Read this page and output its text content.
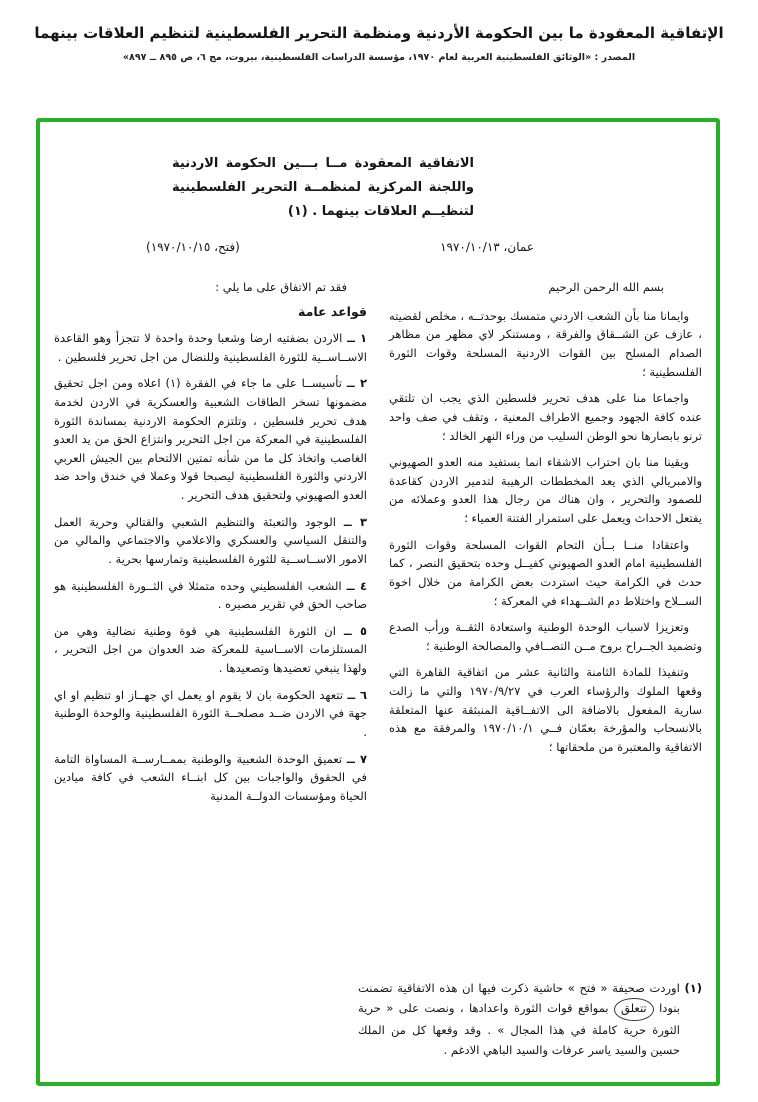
الإتفاقية المعقودة ما بين الحكومة الأردنية ومنظمة التحرير الفلسطينية لتنظيم العلاقات بينهما

المصدر : «الوثائق الفلسطينية العربية لعام ١٩٧٠، مؤسسة الدراسات الفلسطينية، بيروت، مج ٦، ص ٨٩٥ ــ ٨٩٧»

الاتفاقية المعقودة مــا بـــين الحكومة الاردنية واللجنة المركزية لمنظمــة التحرير الفلسطينية لتنظيــم العلاقات بينهما . (١)
عمان، ١٩٧٠/١٠/١٣
(فتح، ١٩٧٠/١٠/١٥)

بسم الله الرحمن الرحيم

وايمانا منا بأن الشعب الاردني متمسك بوحدتــه ، مخلص لقضيته ، عازف عن الشــقاق والفرقة ، ومستنكر لاي مظهر من مظاهر الصدام المسلح بين القوات الاردنية المسلحة وقوات الثورة الفلسطينية ؛

واجماعا منا على هدف تحرير فلسطين الذي يجب ان تلتقي عنده كافة الجهود وجميع الاطراف المعنية ، وتقف في صف واحد ترنو بابصارها نحو الوطن السليب من وراء النهر الخالد ؛

ويقينا منا بان احتراب الاشقاء انما يستفيد منه العدو الصهيوني والامبريالي الذي يعد المخططات الرهيبة لتدمير الاردن كقاعدة للصمود والتحرير ، وان هناك من رجال هذا العدو وعملائه من يفتعل الاحداث ويعمل على استمرار الفتنة العمياء ؛

واعتقادا منــا بــأن التحام القوات المسلحة وقوات الثورة الفلسطينية امام العدو الصهيوني كفيــل وحده بتحقيق النصر ، كما حدث في الكرامة حيث استردت بعض الكرامة من خلال اخوة الســلاح واختلاط دم الشــهداء في المعركة ؛

وتعزيزا لاسباب الوحدة الوطنية واستعادة الثقــة ورأب الصدع وتضميد الجــراح بروح مــن التصــافي والمصالحة الوطنية ؛

وتنفيذا للمادة الثامنة والثانية عشر من اتفاقية القاهرة التي وقعها الملوك والرؤساء العرب في ١٩٧٠/٩/٢٧ والتي ما زالت سارية المفعول بالاضافة الى الاتفــاقية المنبثقة عنها المتعلقة بالانسحاب والمؤرخة بعمّان فــي ١٩٧٠/١٠/١ والمرفقة مع هذه الاتفاقية والمعتبرة من ملحقاتها ؛

فقد تم الاتفاق على ما يلي :

قواعد عامة

١ ــ الاردن بضفتيه ارضا وشعبا وحدة واحدة لا تتجزأ وهو القاعدة الاســاســية للثورة الفلسطينية وللنضال من اجل تحرير فلسطين .

٢ ــ تأسيســا على ما جاء في الفقرة (١) اعلاه ومن اجل تحقيق مضمونها تسخر الطاقات الشعبية والعسكرية في الاردن لخدمة هدف تحرير فلسطين ، وتلتزم الحكومة الاردنية بمساندة الثورة الفلسطينية في المعركة من اجل التحرير وانتزاع الحق من يد العدو الغاصب واتخاذ كل ما من شأنه تمتين الالتحام بين الجيش العربي الاردني والثورة الفلسطينية ليصبحا قولا وعملا في خندق واحد ضد العدو الصهيوني ولتحقيق هدف التحرير .

٣ ــ الوجود والتعبئة والتنظيم الشعبي والقتالي وحرية العمل والتنقل السياسي والعسكري والاعلامي والاجتماعي والمالي من الامور الاســاســية للثورة الفلسطينية وتمارسها بحرية .

٤ ــ الشعب الفلسطيني وحده متمثلا في الثــورة الفلسطينية هو صاحب الحق في تقرير مصيره .

٥ ــ ان الثورة الفلسطينية هي قوة وطنية نضالية وهي من المستلزمات الاســاسية للمعركة ضد العدوان من اجل التحرير ، ولهذا ينبغي تعضيدها وتصعيدها .

٦ ــ تتعهد الحكومة بان لا يقوم او يعمل اي جهــاز او تنظيم او اي جهة في الاردن ضــد مصلحــة الثورة الفلسطينية والوحدة الوطنية .

٧ ــ تعميق الوحدة الشعبية والوطنية بممــارســة المساواة التامة في الحقوق والواجبات بين كل ابنــاء الشعب في كافة ميادين الحياة ومؤسسات الدولــة المدنية

(١) اوردت صحيفة « فتح » حاشية ذكرت فيها ان هذه الاتفاقية تضمنت بنودا تتعلق بمواقع قوات الثورة واعدادها ، ونصت على « حرية الثورة حرية كاملة في هذا المجال » . وقد وقعها كل من الملك حسين والسيد ياسر عرفات والسيد الباهي الادغم .
